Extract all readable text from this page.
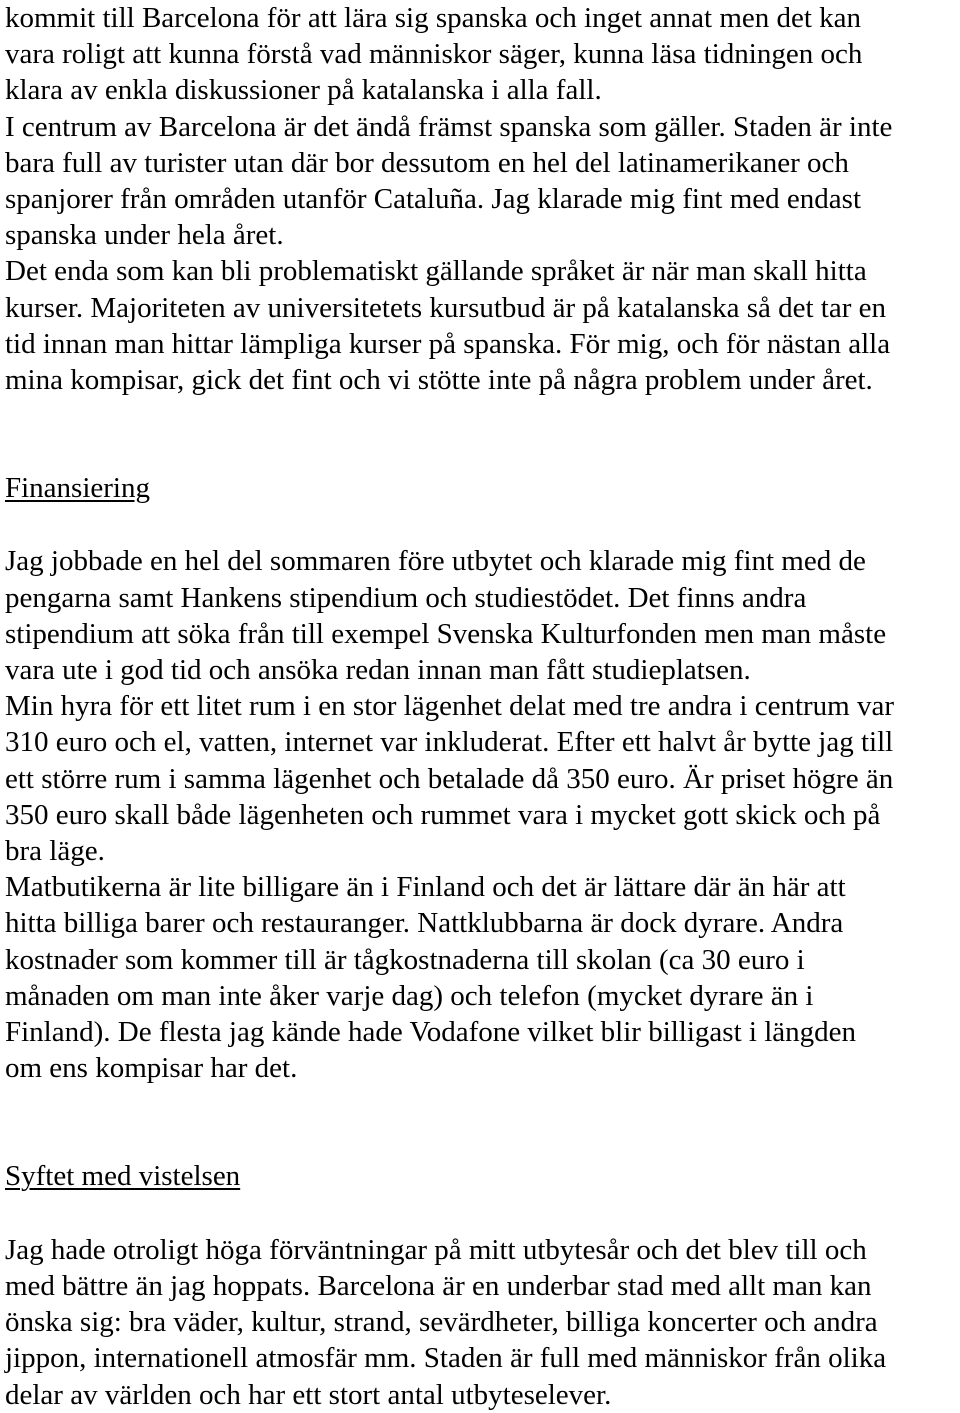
kommit till Barcelona för att lära sig spanska och inget annat men det kan
vara roligt att kunna förstå vad människor säger, kunna läsa tidningen och
klara av enkla diskussioner på katalanska i alla fall.

I centrum av Barcelona är det ändå främst spanska som gäller. Staden är inte
bara full av turister utan där bor dessutom en hel del latinamerikaner och
spanjorer från områden utanför Cataluña. Jag klarade mig fint med endast
spanska under hela året.

Det enda som kan bli problematiskt gällande språket är när man skall hitta
kurser. Majoriteten av universitetets kursutbud är på katalanska så det tar en
tid innan man hittar lämpliga kurser på spanska. För mig, och för nästan alla
mina kompisar, gick det fint och vi stötte inte på några problem under året.

Finansiering

Jag jobbade en hel del sommaren före utbytet och klarade mig fint med de
pengarna samt Hankens stipendium och studiestödet. Det finns andra
stipendium att söka från till exempel Svenska Kulturfonden men man måste
vara ute i god tid och ansöka redan innan man fått studieplatsen.

Min hyra för ett litet rum i en stor lägenhet delat med tre andra i centrum var
310 euro och el, vatten, internet var inkluderat. Efter ett halvt år bytte jag till
ett större rum i samma lägenhet och betalade då 350 euro. Är priset högre än
350 euro skall både lägenheten och rummet vara i mycket gott skick och på
bra läge.

Matbutikerna är lite billigare än i Finland och det är lättare där än här att
hitta billiga barer och restauranger. Nattklubbarna är dock dyrare. Andra
kostnader som kommer till är tågkostnaderna till skolan (ca 30 euro i
månaden om man inte åker varje dag) och telefon (mycket dyrare än i
Finland). De flesta jag kände hade Vodafone vilket blir billigast i längden
om ens kompisar har det.

Syftet med vistelsen

Jag hade otroligt höga förväntningar på mitt utbytesår och det blev till och
med bättre än jag hoppats. Barcelona är en underbar stad med allt man kan
önska sig: bra väder, kultur, strand, sevärdheter, billiga koncerter och andra
jippon, internationell atmosfär mm. Staden är full med människor från olika
delar av världen och har ett stort antal utbyteselever.
